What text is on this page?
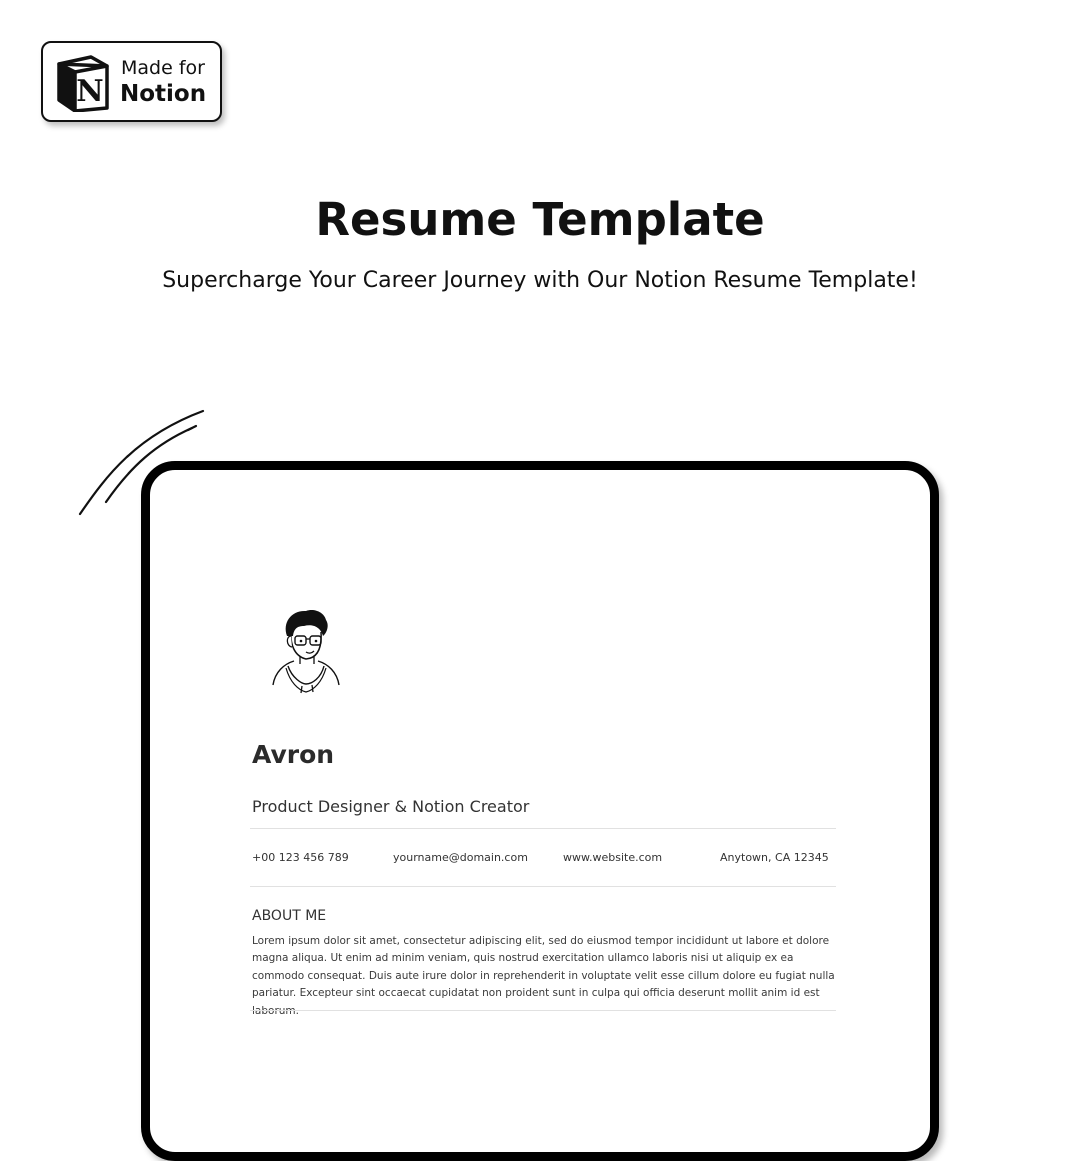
N
Made for
Notion
Resume Template
Supercharge Your Career Journey with Our Notion Resume Template!
Avron
Product Designer & Notion Creator
+00 123 456 789	yourname@domain.com	www.website.com	Anytown, CA 12345
ABOUT ME
Lorem ipsum dolor sit amet, consectetur adipiscing elit, sed do eiusmod tempor incididunt ut labore et dolore magna aliqua. Ut enim ad minim veniam, quis nostrud exercitation ullamco laboris nisi ut aliquip ex ea commodo consequat. Duis aute irure dolor in reprehenderit in voluptate velit esse cillum dolore eu fugiat nulla pariatur. Excepteur sint occaecat cupidatat non proident sunt in culpa qui officia deserunt mollit anim id est
